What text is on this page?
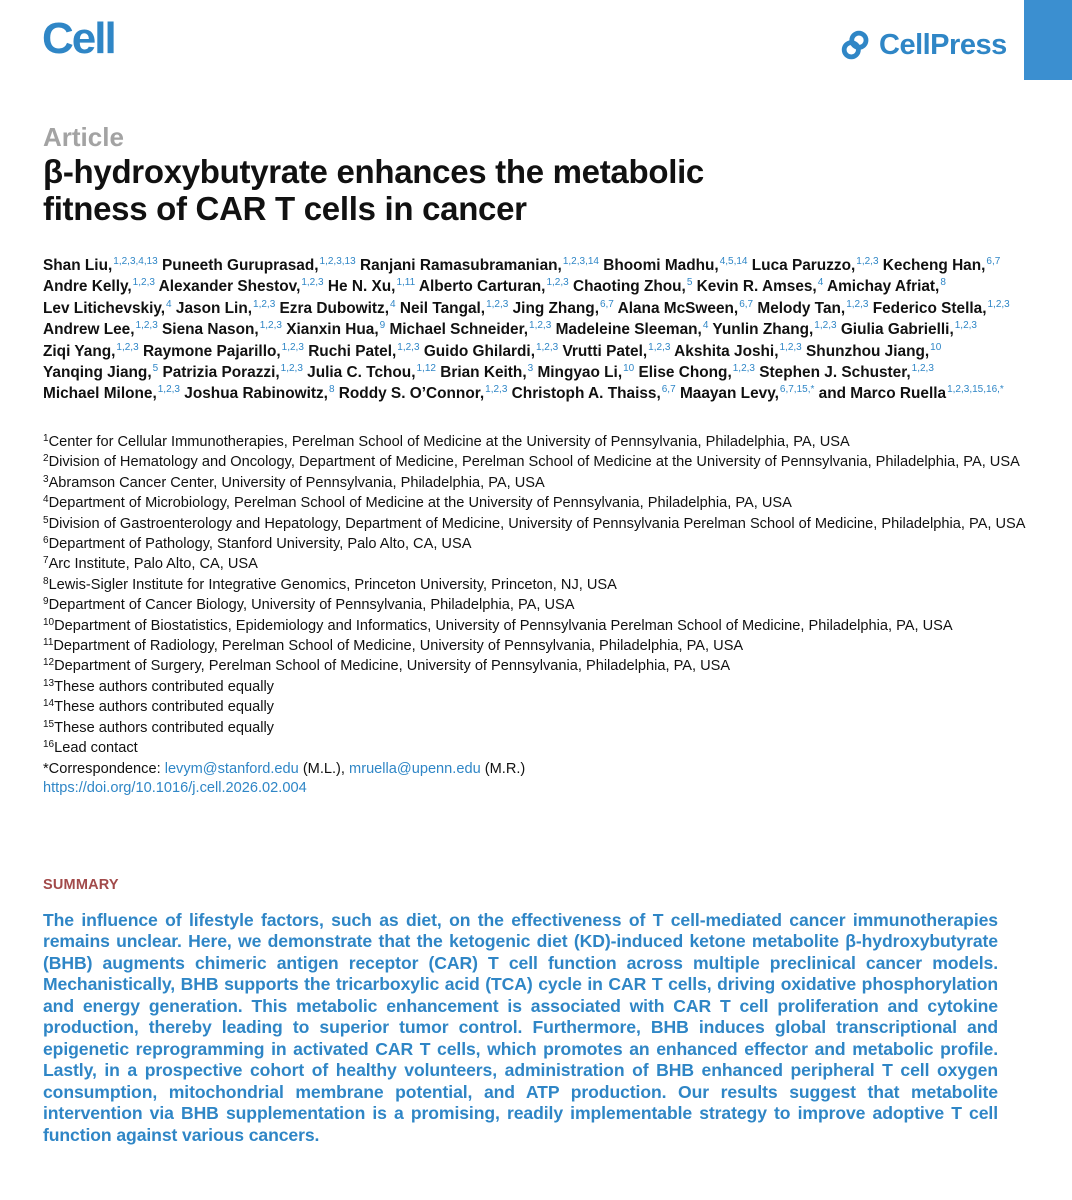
Cell	CellPress
Article
β-hydroxybutyrate enhances the metabolic
fitness of CAR T cells in cancer
Shan Liu,$^{1,2,3,4,13}$ Puneeth Guruprasad,$^{1,2,3,13}$ Ranjani Ramasubramanian,$^{1,2,3,14}$ Bhoomi Madhu,$^{4,5,14}$ Luca Paruzzo,$^{1,2,3}$ Kecheng Han,$^{6,7}$ Andre Kelly,$^{1,2,3}$ Alexander Shestov,$^{1,2,3}$ He N. Xu,$^{1,11}$ Alberto Carturan,$^{1,2,3}$ Chaoting Zhou,$^5$ Kevin R. Amses,$^4$ Amichay Afriat,$^8$ Lev Litichevskiy,$^4$ Jason Lin,$^{1,2,3}$ Ezra Dubowitz,$^4$ Neil Tangal,$^{1,2,3}$ Jing Zhang,$^{6,7}$ Alana McSween,$^{6,7}$ Melody Tan,$^{1,2,3}$ Federico Stella,$^{1,2,3}$ Andrew Lee,$^{1,2,3}$ Siena Nason,$^{1,2,3}$ Xianxin Hua,$^9$ Michael Schneider,$^{1,2,3}$ Madeleine Sleeman,$^4$ Yunlin Zhang,$^{1,2,3}$ Giulia Gabrielli,$^{1,2,3}$ Ziqi Yang,$^{1,2,3}$ Raymone Pajarillo,$^{1,2,3}$ Ruchi Patel,$^{1,2,3}$ Guido Ghilardi,$^{1,2,3}$ Vrutti Patel,$^{1,2,3}$ Akshita Joshi,$^{1,2,3}$ Shunzhou Jiang,$^{10}$ Yanqing Jiang,$^5$ Patrizia Porazzi,$^{1,2,3}$ Julia C. Tchou,$^{1,12}$ Brian Keith,$^3$ Mingyao Li,$^{10}$ Elise Chong,$^{1,2,3}$ Stephen J. Schuster,$^{1,2,3}$ Michael Milone,$^{1,2,3}$ Joshua Rabinowitz,$^8$ Roddy S. O’Connor,$^{1,2,3}$ Christoph A. Thaiss,$^{6,7}$ Maayan Levy,$^{6,7,15,*}$ and Marco Ruella$^{1,2,3,15,16,*}$
$^1$Center for Cellular Immunotherapies, Perelman School of Medicine at the University of Pennsylvania, Philadelphia, PA, USA
$^2$Division of Hematology and Oncology, Department of Medicine, Perelman School of Medicine at the University of Pennsylvania, Philadelphia, PA, USA
$^3$Abramson Cancer Center, University of Pennsylvania, Philadelphia, PA, USA
$^4$Department of Microbiology, Perelman School of Medicine at the University of Pennsylvania, Philadelphia, PA, USA
$^5$Division of Gastroenterology and Hepatology, Department of Medicine, University of Pennsylvania Perelman School of Medicine, Philadelphia, PA, USA
$^6$Department of Pathology, Stanford University, Palo Alto, CA, USA
$^7$Arc Institute, Palo Alto, CA, USA
$^8$Lewis-Sigler Institute for Integrative Genomics, Princeton University, Princeton, NJ, USA
$^9$Department of Cancer Biology, University of Pennsylvania, Philadelphia, PA, USA
$^{10}$Department of Biostatistics, Epidemiology and Informatics, University of Pennsylvania Perelman School of Medicine, Philadelphia, PA, USA
$^{11}$Department of Radiology, Perelman School of Medicine, University of Pennsylvania, Philadelphia, PA, USA
$^{12}$Department of Surgery, Perelman School of Medicine, University of Pennsylvania, Philadelphia, PA, USA
$^{13}$These authors contributed equally
$^{14}$These authors contributed equally
$^{15}$These authors contributed equally
$^{16}$Lead contact
*Correspondence: levym@stanford.edu (M.L.), mruella@upenn.edu (M.R.)
https://doi.org/10.1016/j.cell.2026.02.004
SUMMARY

The influence of lifestyle factors, such as diet, on the effectiveness of T cell-mediated cancer immunotherapies remains unclear. Here, we demonstrate that the ketogenic diet (KD)-induced ketone metabolite β-hydroxybutyrate (BHB) augments chimeric antigen receptor (CAR) T cell function across multiple preclinical cancer models. Mechanistically, BHB supports the tricarboxylic acid (TCA) cycle in CAR T cells, driving oxidative phosphorylation and energy generation. This metabolic enhancement is associated with CAR T cell proliferation and cytokine production, thereby leading to superior tumor control. Furthermore, BHB induces global transcriptional and epigenetic reprogramming in activated CAR T cells, which promotes an enhanced effector and metabolic profile. Lastly, in a prospective cohort of healthy volunteers, administration of BHB enhanced peripheral T cell oxygen consumption, mitochondrial membrane potential, and ATP production. Our results suggest that metabolite intervention via BHB supplementation is a promising, readily implementable strategy to improve adoptive T cell function against various cancers.
